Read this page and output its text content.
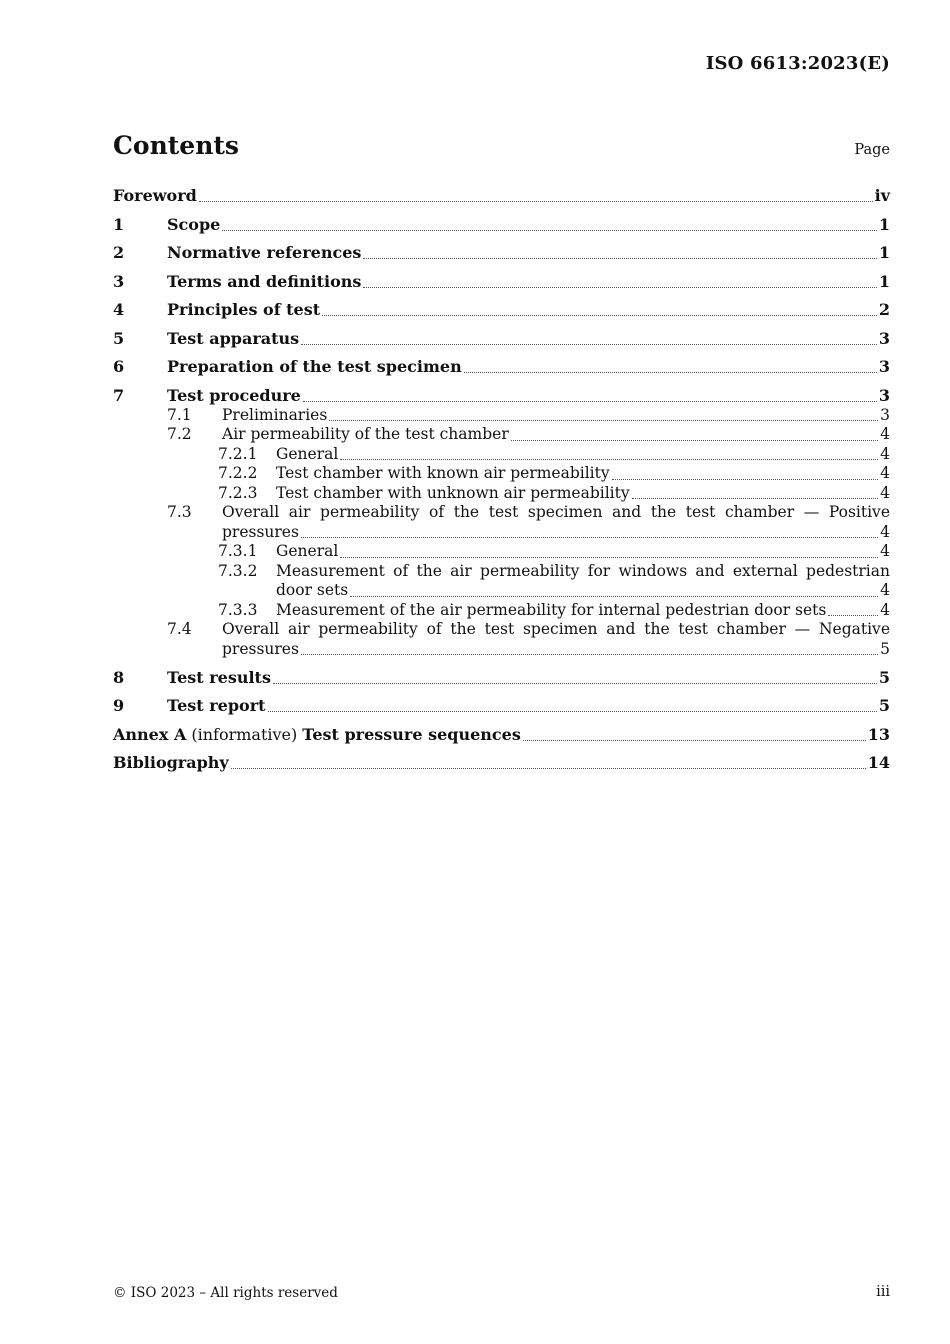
ISO 6613:2023(E)
Contents	Page
Foreword	iv
1	Scope	1
2	Normative references	1
3	Terms and definitions	1
4	Principles of test	2
5	Test apparatus	3
6	Preparation of the test specimen	3
7	Test procedure	3
7.1	Preliminaries	3
7.2	Air permeability of the test chamber	4
7.2.1	General	4
7.2.2	Test chamber with known air permeability	4
7.2.3	Test chamber with unknown air permeability	4
7.3	Overall air permeability of the test specimen and the test chamber — Positive
pressures	4
7.3.1	General	4
7.3.2	Measurement of the air permeability for windows and external pedestrian
door sets	4
7.3.3	Measurement of the air permeability for internal pedestrian door sets	4
7.4	Overall air permeability of the test specimen and the test chamber — Negative
pressures	5
8	Test results	5
9	Test report	5
Annex A (informative) Test pressure sequences	13
Bibliography	14
© ISO 2023 – All rights reserved	iii
